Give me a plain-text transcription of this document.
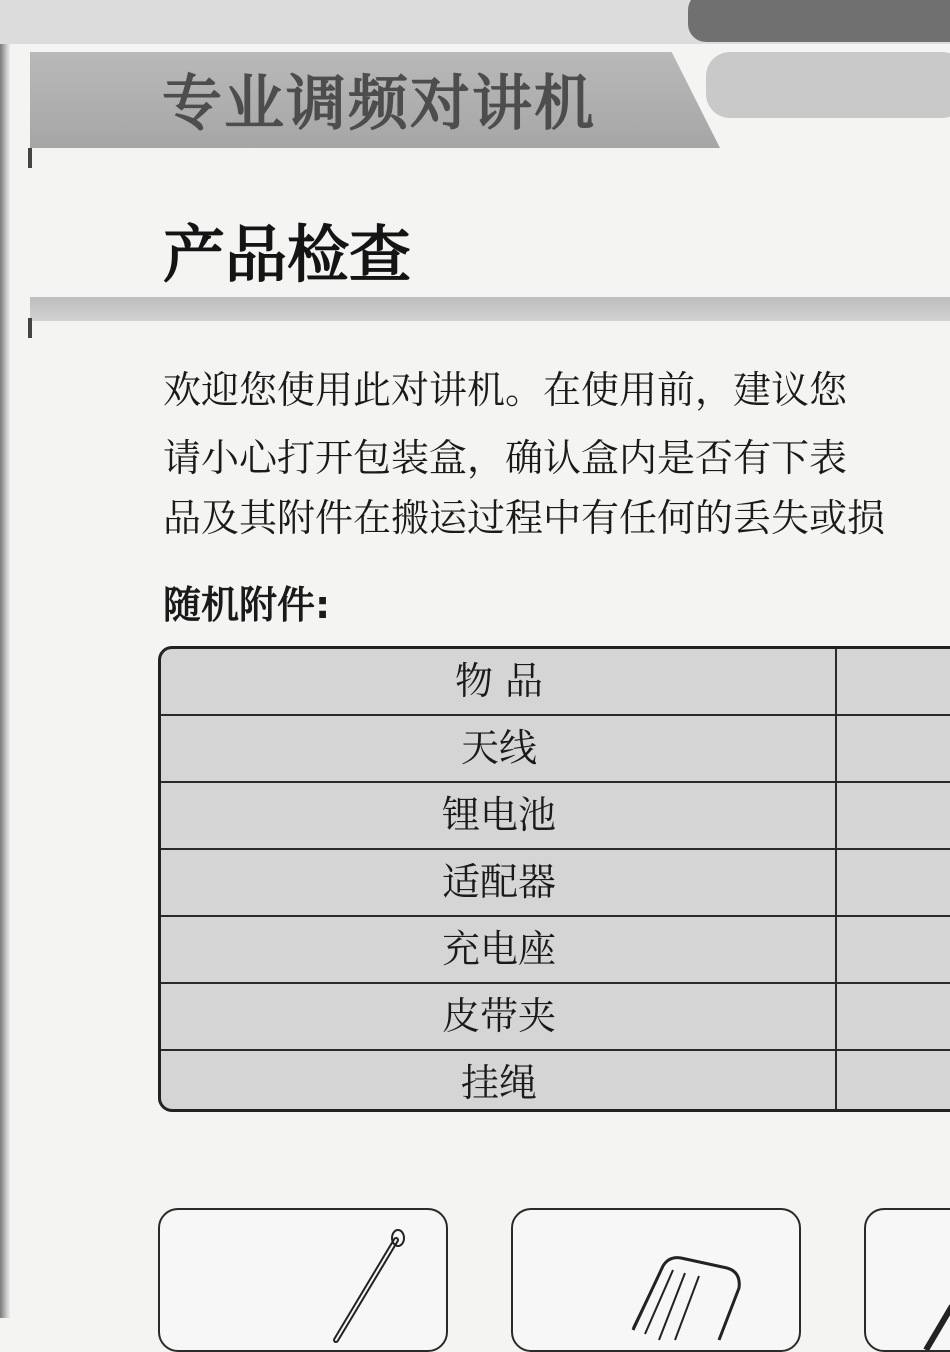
专业调频对讲机
产品检查
欢迎您使用此对讲机。在使用前，建议您
请小心打开包装盒，确认盒内是否有下表
品及其附件在搬运过程中有任何的丢失或损
随机附件:
物 品
天线
锂电池
适配器
充电座
皮带夹
挂绳
